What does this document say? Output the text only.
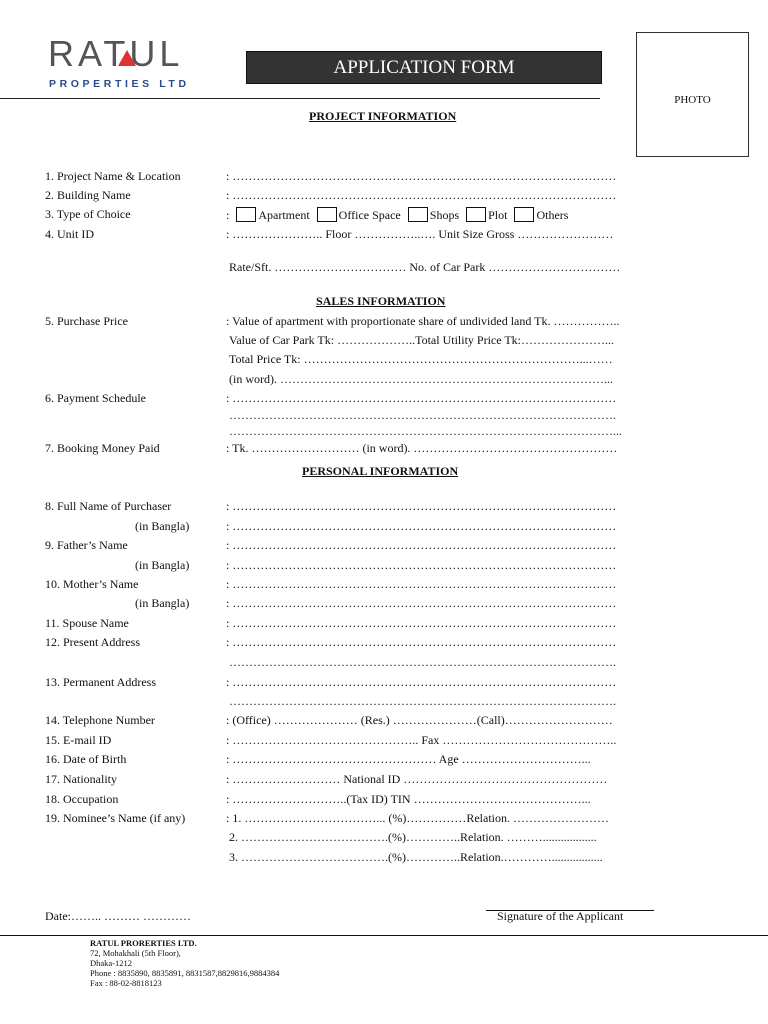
RATUL
PROPERTIES LTD
APPLICATION FORM
PHOTO
PROJECT INFORMATION
1. Project Name & Location	: ……………………………………………………………………………………
2. Building Name	: ……………………………………………………………………………………
3. Type of Choice	: Apartment Office Space Shops Plot Others
4. Unit ID	: ………………….. Floor ……………..…. Unit Size Gross ……………………
Rate/Sft. …………………………… No. of Car Park ……………………………
SALES INFORMATION
5. Purchase Price	: Value of apartment with proportionate share of undivided land Tk. ……………..
Value of Car Park Tk: ………………..Total Utility Price Tk:…………………...
Total Price Tk: ……………………………………………………………...……
(in word). ………………………………………………………………………...
6. Payment Schedule	: ……………………………………………………………………………………
…………………………………………………………………………………….
……………………………………………………………………………………...
7. Booking Money Paid	: Tk. ……………………… (in word). ……………………………………………
PERSONAL INFORMATION
8. Full Name of Purchaser	: ……………………………………………………………………………………
(in Bangla)	: ……………………………………………………………………………………
9. Father’s Name	: ……………………………………………………………………………………
(in Bangla)	: ……………………………………………………………………………………
10. Mother’s Name	: ……………………………………………………………………………………
(in Bangla)	: ……………………………………………………………………………………
11. Spouse Name	: ……………………………………………………………………………………
12. Present Address	: ……………………………………………………………………………………
…………………………………………………………………………………….
13. Permanent Address	: ……………………………………………………………………………………
…………………………………………………………………………………….
14. Telephone Number	: (Office) ………………… (Res.) …………………(Call)………………………
15. E-mail ID	: ……………………………………….. Fax ……………………………………..
16. Date of Birth	: …………………………………………… Age …………………………...
17. Nationality	: ……………………… National ID ……………………………………………
18. Occupation	: ………………………..(Tax ID) TIN ……………………………………...
19. Nominee’s Name (if any)	: 1. ……………………………... (%)……………Relation. ……………………
2. ……………………………….(%)…………..Relation. ………..................
3. ……………………………….(%)…………..Relation.………….................
Date:…….. ……… …………	Signature of the Applicant
RATUL PRORERTIES LTD.
72, Mohakhali (5th Floor),
Dhaka-1212
Phone : 8835890, 8835891, 8831587,8829816,9884384
Fax : 88-02-8818123
